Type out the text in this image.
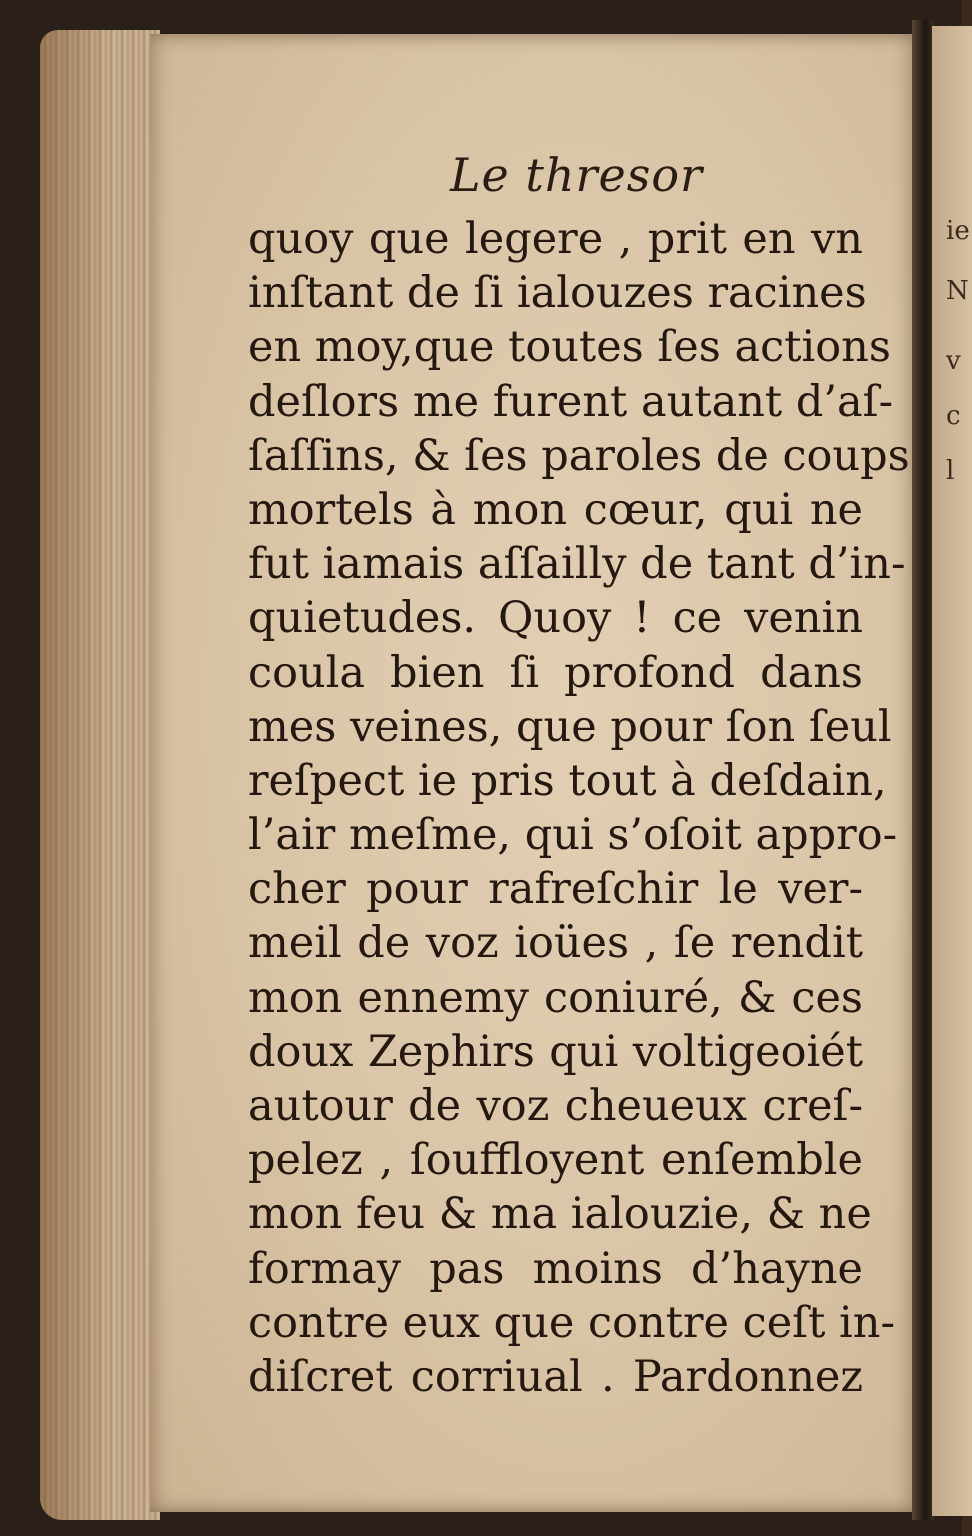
ie
N
v
c
l
Le thresor
quoy que legere , prit en vn
inſtant de ſi ialouzes racines
en moy,que toutes ſes actions
deſlors me furent autant d’aſ-
ſaſſins, & ſes paroles de coups
mortels à mon cœur, qui ne
fut iamais aſſailly de tant d’in-
quietudes. Quoy ! ce venin
coula bien ſi profond dans
mes veines, que pour ſon ſeul
reſpect ie pris tout à deſdain,
l’air meſme, qui s’oſoit appro-
cher pour rafreſchir le ver-
meil de voz ioües , ſe rendit
mon ennemy coniuré, & ces
doux Zephirs qui voltigeoiét
autour de voz cheueux creſ-
pelez , ſouffloyent enſemble
mon feu & ma ialouzie, & ne
formay pas moins d’hayne
contre eux que contre ceſt in-
diſcret corriual . Pardonnez
